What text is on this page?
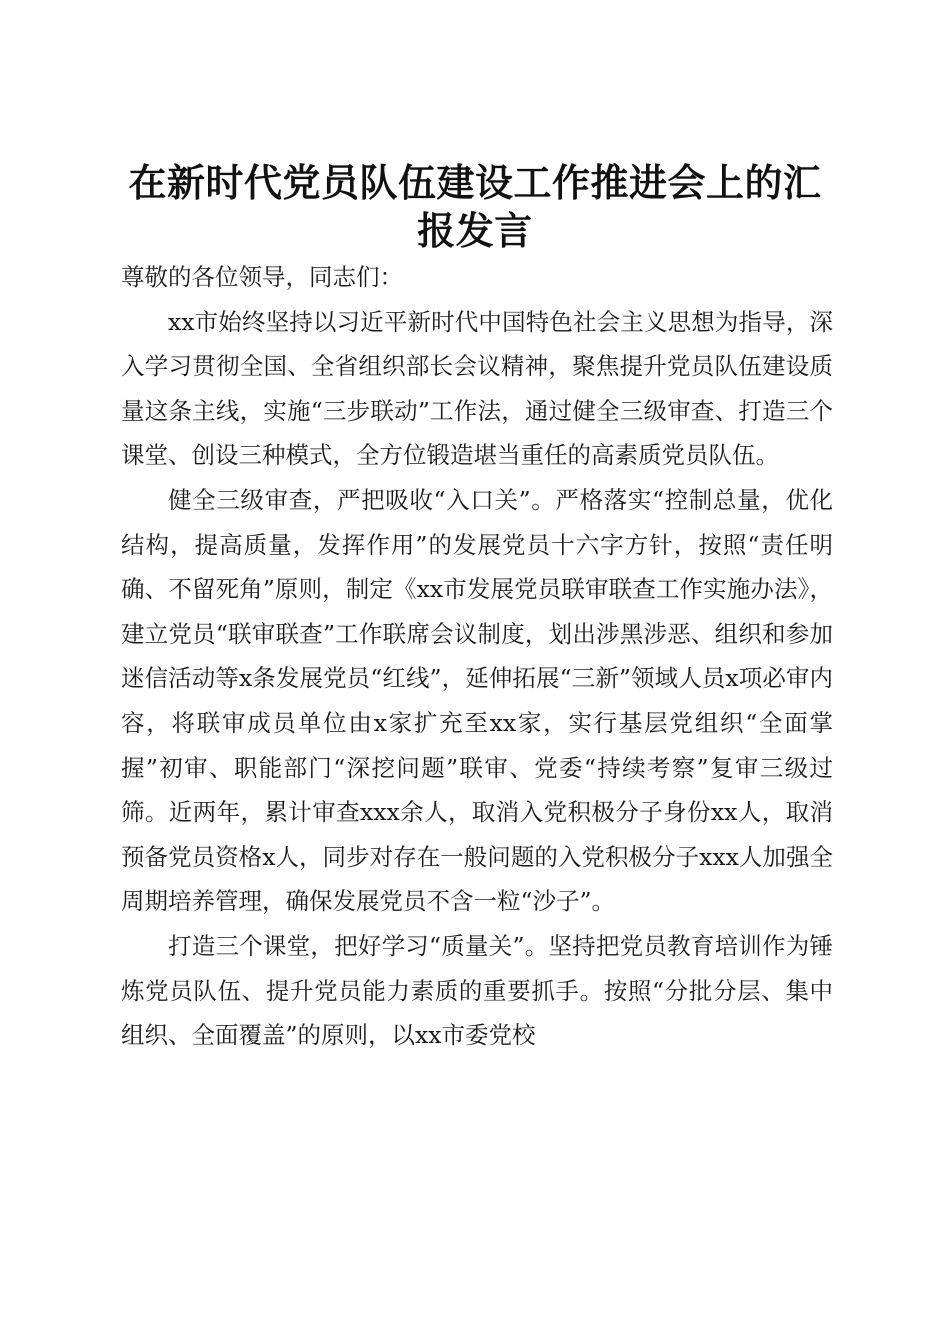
在新时代党员队伍建设工作推进会上的汇报发言

尊敬的各位领导，同志们：

xx市始终坚持以习近平新时代中国特色社会主义思想为指导，深入学习贯彻全国、全省组织部长会议精神，聚焦提升党员队伍建设质量这条主线，实施“三步联动”工作法，通过健全三级审查、打造三个课堂、创设三种模式，全方位锻造堪当重任的高素质党员队伍。

健全三级审查，严把吸收“入口关”。严格落实“控制总量，优化结构，提高质量，发挥作用”的发展党员十六字方针，按照“责任明确、不留死角”原则，制定《xx市发展党员联审联查工作实施办法》，建立党员“联审联查”工作联席会议制度，划出涉黑涉恶、组织和参加迷信活动等x条发展党员“红线”，延伸拓展“三新”领域人员x项必审内容，将联审成员单位由x家扩充至xx家，实行基层党组织“全面掌握”初审、职能部门“深挖问题”联审、党委“持续考察”复审三级过筛。近两年，累计审查xxx余人，取消入党积极分子身份xx人，取消预备党员资格x人，同步对存在一般问题的入党积极分子xxx人加强全周期培养管理，确保发展党员不含一粒“沙子”。

打造三个课堂，把好学习“质量关”。坚持把党员教育培训作为锤炼党员队伍、提升党员能力素质的重要抓手。按照“分批分层、集中组织、全面覆盖”的原则，以xx市委党校
